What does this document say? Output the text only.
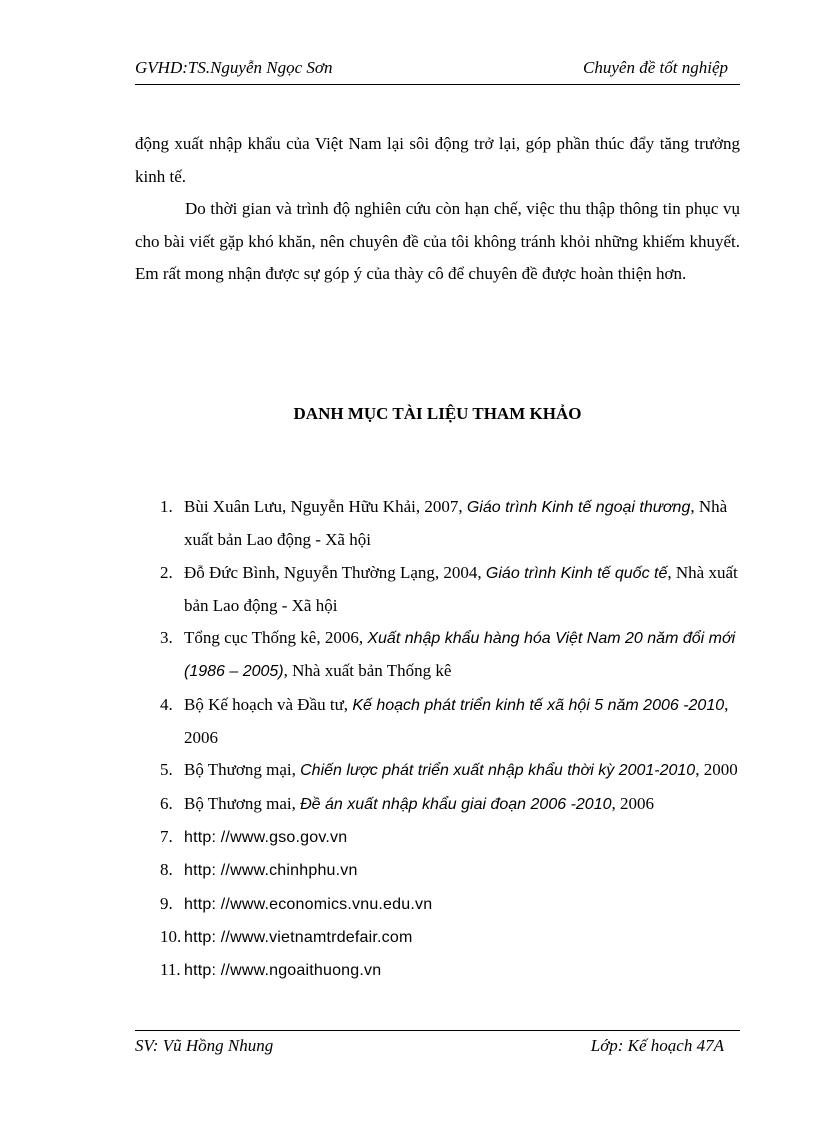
GVHD:TS.Nguyễn Ngọc Sơn	Chuyên đề tốt nghiệp

động xuất nhập khẩu của Việt Nam lại sôi động trở lại, góp phần thúc đẩy tăng trưởng kinh tế.

Do thời gian và trình độ nghiên cứu còn hạn chế, việc thu thập thông tin phục vụ cho bài viết gặp khó khăn, nên chuyên đề của tôi không tránh khỏi những khiếm khuyết. Em rất mong nhận được sự góp ý của thày cô để chuyên đề được hoàn thiện hơn.

DANH MỤC TÀI LIỆU THAM KHẢO
1. Bùi Xuân Lưu, Nguyễn Hữu Khải, 2007, Giáo trình Kinh tế ngoại thương, Nhà xuất bản Lao động - Xã hội
2. Đỗ Đức Bình, Nguyễn Thường Lạng, 2004, Giáo trình Kinh tế quốc tế, Nhà xuất bản Lao động - Xã hội
3. Tổng cục Thống kê, 2006, Xuất nhập khẩu hàng hóa Việt Nam 20 năm đổi mới (1986 – 2005), Nhà xuất bản Thống kê
4. Bộ Kế hoạch và Đầu tư, Kế hoạch phát triển kinh tế xã hội 5 năm 2006 -2010, 2006
5. Bộ Thương mại, Chiến lược phát triển xuất nhập khẩu thời kỳ 2001-2010, 2000
6. Bộ Thương mai, Đề án xuất nhập khẩu giai đoạn 2006 -2010, 2006
7. http: //www.gso.gov.vn
8. http: //www.chinhphu.vn
9. http: //www.economics.vnu.edu.vn
10. http: //www.vietnamtrdefair.com
11. http: //www.ngoaithuong.vn
SV: Vũ Hồng Nhung	Lớp: Kế hoạch 47A
